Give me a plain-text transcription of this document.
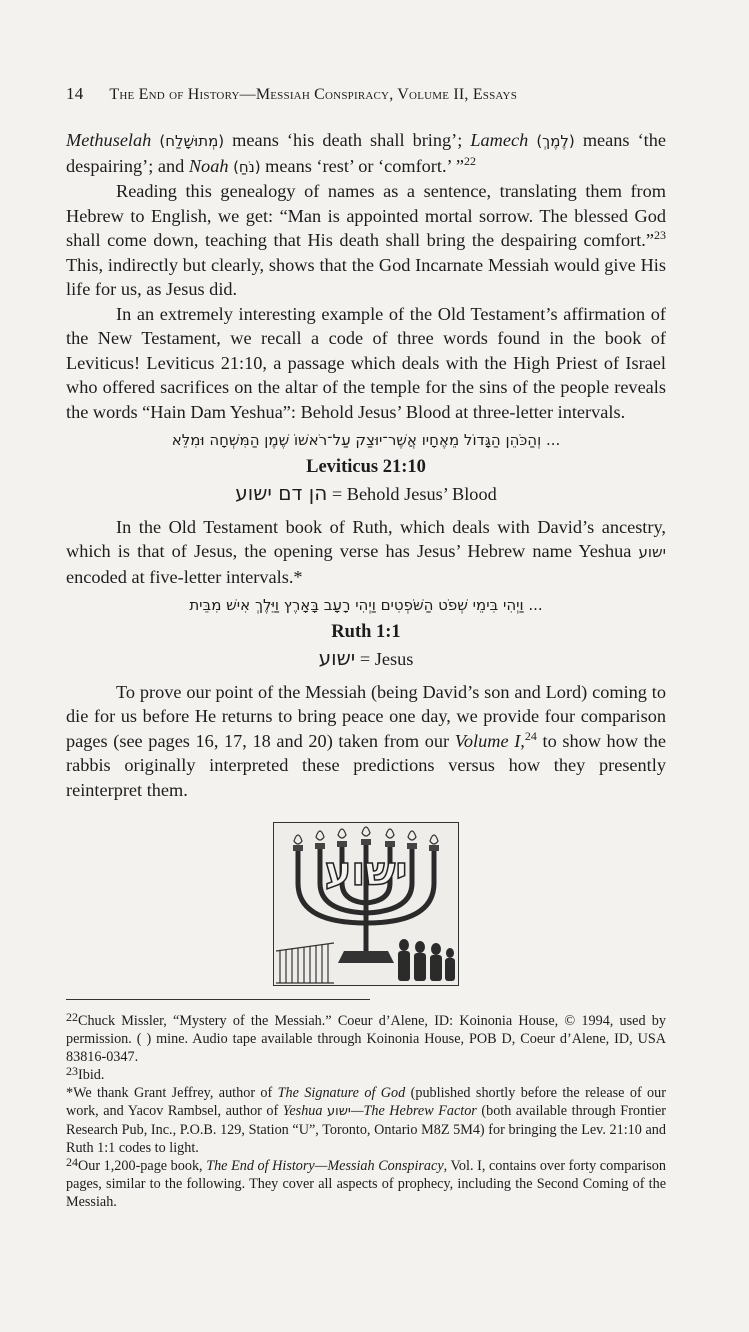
14 The End of History—Messiah Conspiracy, Volume II, Essays

Methuselah (מְתוּשָׁלַח) means ‘his death shall bring’; Lamech (לֶמֶךְ) means ‘the despairing’; and Noah (נֹחַ) means ‘rest’ or ‘comfort.’ ”$^{22}$

Reading this genealogy of names as a sentence, translating them from Hebrew to English, we get: “Man is appointed mortal sorrow. The blessed God shall come down, teaching that His death shall bring the despairing comfort.”$^{23}$ This, indirectly but clearly, shows that the God Incarnate Messiah would give His life for us, as Jesus did.

In an extremely interesting example of the Old Testament’s affirmation of the New Testament, we recall a code of three words found in the book of Leviticus! Leviticus 21:10, a passage which deals with the High Priest of Israel who offered sacrifices on the altar of the temple for the sins of the people reveals the words “Hain Dam Yeshua”: Behold Jesus’ Blood at three-letter intervals.

... וְהַכֹּהֵן הַגָּדוֹל מֵאֶחָיו אֲשֶׁר־יוּצַק עַל־רֹאשׁוֹ שֶׁמֶן הַמִּשְׁחָה וּמִלֵּא
Leviticus 21:10
הן דם ישוע = Behold Jesus’ Blood

In the Old Testament book of Ruth, which deals with David’s ancestry, which is that of Jesus, the opening verse has Jesus’ Hebrew name Yeshua ישוע encoded at five-letter intervals.*

... וַיְהִי בִּימֵי שְׁפֹט הַשֹּׁפְטִים וַיְהִי רָעָב בָּאָרֶץ וַיֵּלֶךְ אִישׁ מִבֵּית
Ruth 1:1
ישוע = Jesus

To prove our point of the Messiah (being David’s son and Lord) coming to die for us before He returns to bring peace one day, we provide four comparison pages (see pages 16, 17, 18 and 20) taken from our Volume I,$^{24}$ to show how the rabbis originally interpreted these predictions versus how they presently reinterpret them.

ישוע

$^{22}$Chuck Missler, “Mystery of the Messiah.” Coeur d’Alene, ID: Koinonia House, © 1994, used by permission. ( ) mine. Audio tape available through Koinonia House, POB D, Coeur d’Alene, ID, USA 83816-0347.

$^{23}$Ibid.

*We thank Grant Jeffrey, author of The Signature of God (published shortly before the release of our work, and Yacov Rambsel, author of Yeshua ישוע—The Hebrew Factor (both available through Frontier Research Pub, Inc., P.O.B. 129, Station “U”, Toronto, Ontario M8Z 5M4) for bringing the Lev. 21:10 and Ruth 1:1 codes to light.

$^{24}$Our 1,200-page book, The End of History—Messiah Conspiracy, Vol. I, contains over forty comparison pages, similar to the following. They cover all aspects of prophecy, including the Second Coming of the Messiah.
